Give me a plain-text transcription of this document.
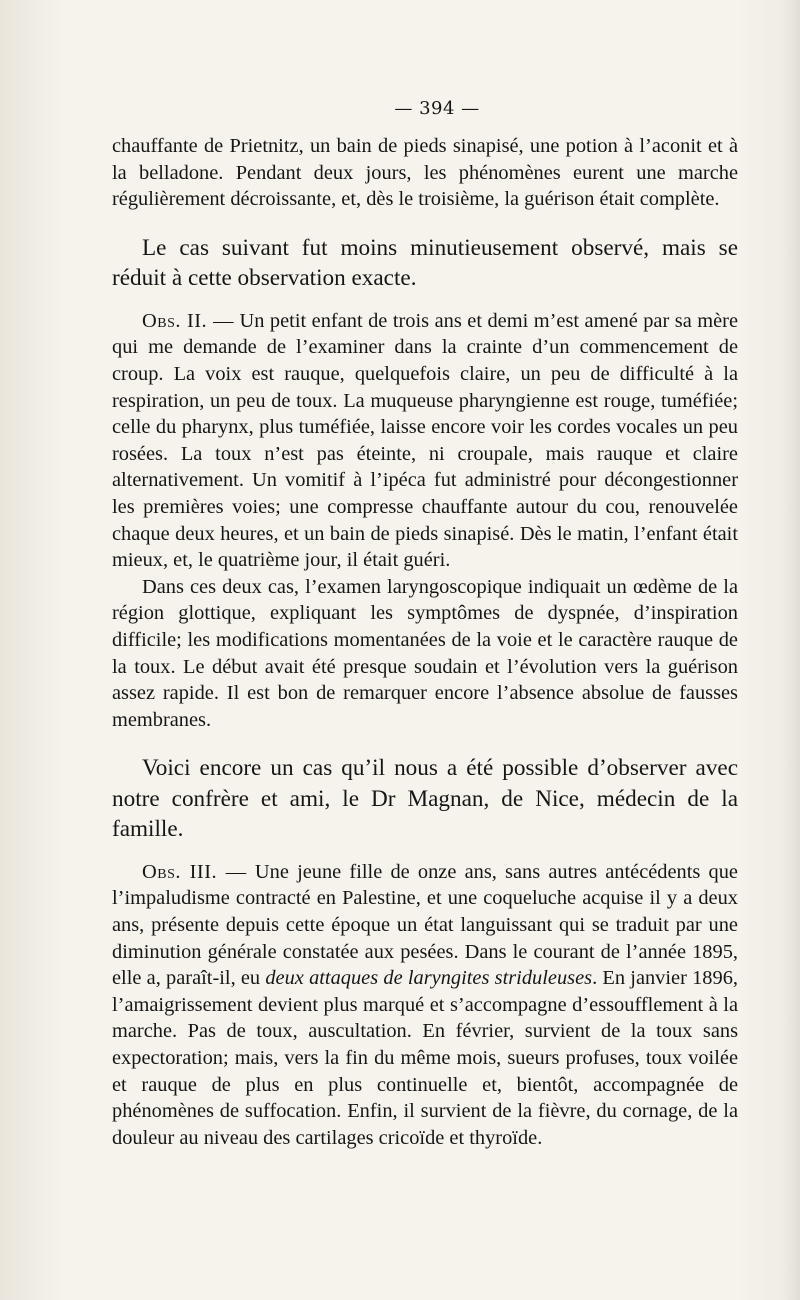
— 394 —

chauffante de Prietnitz, un bain de pieds sinapisé, une potion à l’aconit et à la belladone. Pendant deux jours, les phénomènes eurent une marche régulièrement décroissante, et, dès le troisième, la guérison était complète.

Le cas suivant fut moins minutieusement observé, mais se réduit à cette observation exacte.

Obs. II. — Un petit enfant de trois ans et demi m’est amené par sa mère qui me demande de l’examiner dans la crainte d’un commencement de croup. La voix est rauque, quelquefois claire, un peu de difficulté à la respiration, un peu de toux. La muqueuse pharyngienne est rouge, tuméfiée; celle du pharynx, plus tuméfiée, laisse encore voir les cordes vocales un peu rosées. La toux n’est pas éteinte, ni croupale, mais rauque et claire alternativement. Un vomitif à l’ipéca fut administré pour décongestionner les premières voies; une compresse chauffante autour du cou, renouvelée chaque deux heures, et un bain de pieds sinapisé. Dès le matin, l’enfant était mieux, et, le quatrième jour, il était guéri.

Dans ces deux cas, l’examen laryngoscopique indiquait un œdème de la région glottique, expliquant les symptômes de dyspnée, d’inspiration difficile; les modifications momentanées de la voie et le caractère rauque de la toux. Le début avait été presque soudain et l’évolution vers la guérison assez rapide. Il est bon de remarquer encore l’absence absolue de fausses membranes.

Voici encore un cas qu’il nous a été possible d’observer avec notre confrère et ami, le Dr Magnan, de Nice, médecin de la famille.

Obs. III. — Une jeune fille de onze ans, sans autres antécédents que l’impaludisme contracté en Palestine, et une coqueluche acquise il y a deux ans, présente depuis cette époque un état languissant qui se traduit par une diminution générale constatée aux pesées. Dans le courant de l’année 1895, elle a, paraît-il, eu deux attaques de laryngites striduleuses. En janvier 1896, l’amaigrissement devient plus marqué et s’accompagne d’essoufflement à la marche. Pas de toux, auscultation. En février, survient de la toux sans expectoration; mais, vers la fin du même mois, sueurs profuses, toux voilée et rauque de plus en plus continuelle et, bientôt, accompagnée de phénomènes de suffocation. Enfin, il survient de la fièvre, du cornage, de la douleur au niveau des cartilages cricoïde et thyroïde.
